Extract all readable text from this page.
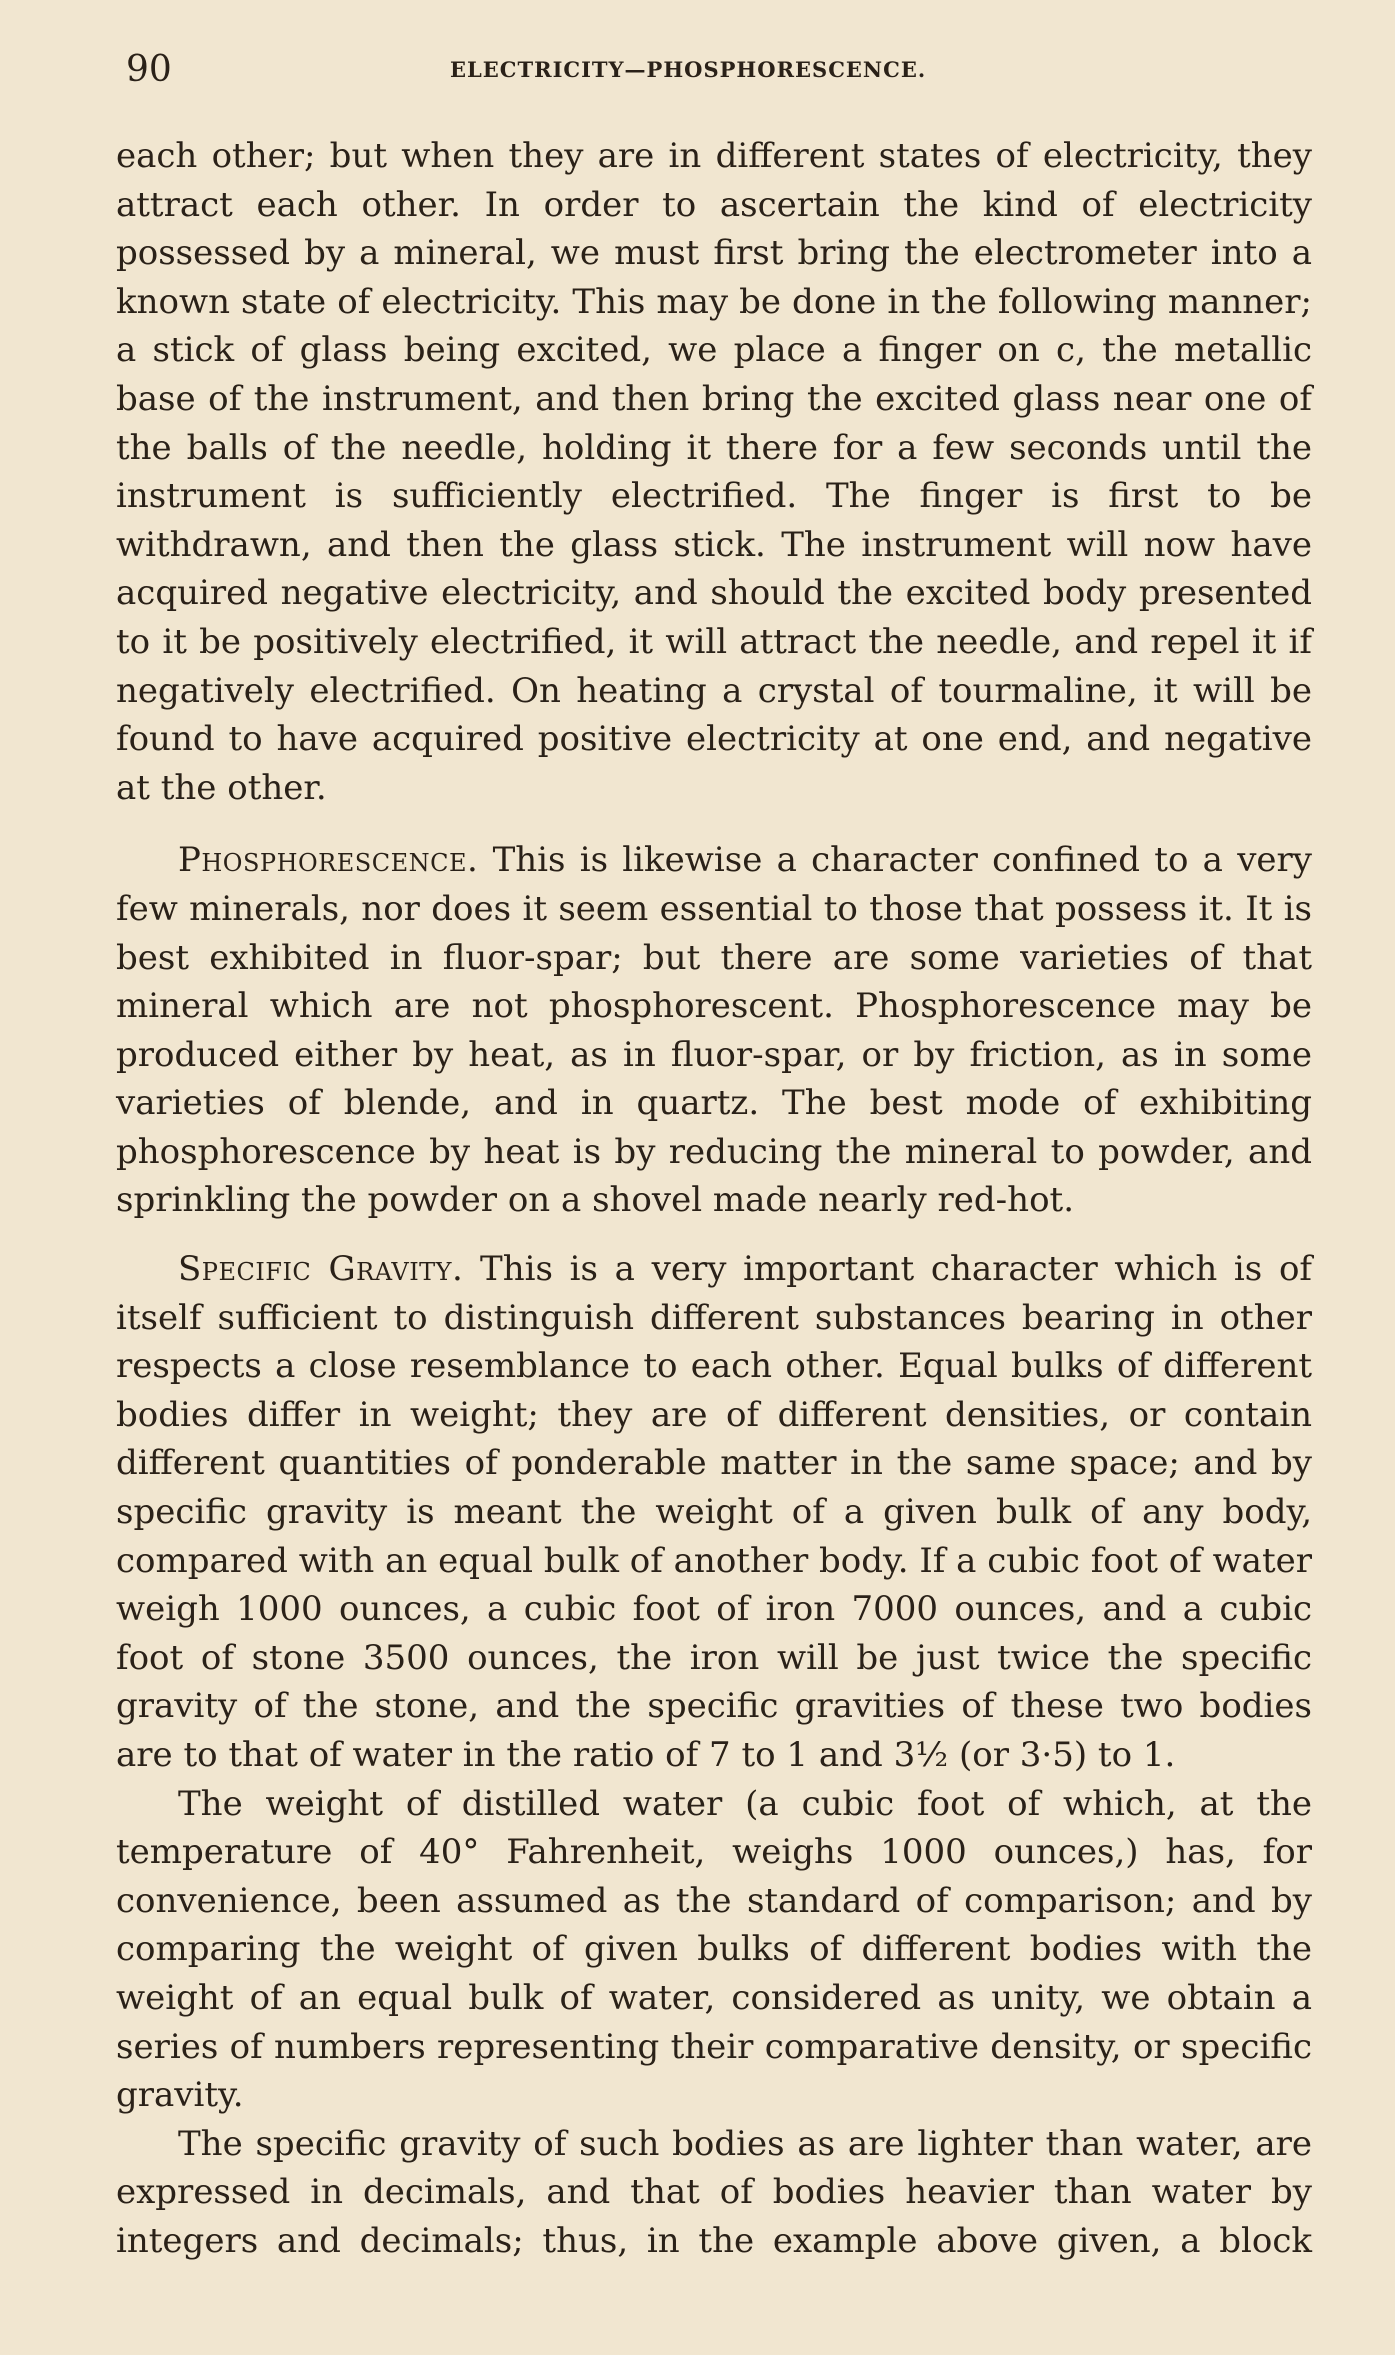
90	ELECTRICITY—PHOSPHORESCENCE.

each other; but when they are in different states of electricity, they attract each other. In order to ascertain the kind of electricity possessed by a mineral, we must first bring the electrometer into a known state of electricity. This may be done in the following manner; a stick of glass being excited, we place a finger on c, the metallic base of the instrument, and then bring the excited glass near one of the balls of the needle, holding it there for a few seconds until the instrument is sufficiently electrified. The finger is first to be withdrawn, and then the glass stick. The instrument will now have acquired negative electricity, and should the excited body presented to it be positively electrified, it will attract the needle, and repel it if negatively electrified. On heating a crystal of tourmaline, it will be found to have acquired positive electricity at one end, and negative at the other.

Phosphorescence. This is likewise a character confined to a very few minerals, nor does it seem essential to those that possess it. It is best exhibited in fluor-spar; but there are some varieties of that mineral which are not phosphorescent. Phosphorescence may be produced either by heat, as in fluor-spar, or by friction, as in some varieties of blende, and in quartz. The best mode of exhibiting phosphorescence by heat is by reducing the mineral to powder, and sprinkling the powder on a shovel made nearly red-hot.

Specific Gravity. This is a very important character which is of itself sufficient to distinguish different substances bearing in other respects a close resemblance to each other. Equal bulks of different bodies differ in weight; they are of different densities, or contain different quantities of ponderable matter in the same space; and by specific gravity is meant the weight of a given bulk of any body, compared with an equal bulk of another body. If a cubic foot of water weigh 1000 ounces, a cubic foot of iron 7000 ounces, and a cubic foot of stone 3500 ounces, the iron will be just twice the specific gravity of the stone, and the specific gravities of these two bodies are to that of water in the ratio of 7 to 1 and 3½ (or 3·5) to 1.

The weight of distilled water (a cubic foot of which, at the temperature of 40° Fahrenheit, weighs 1000 ounces,) has, for convenience, been assumed as the standard of comparison; and by comparing the weight of given bulks of different bodies with the weight of an equal bulk of water, considered as unity, we obtain a series of numbers representing their comparative density, or specific gravity.

The specific gravity of such bodies as are lighter than water, are expressed in decimals, and that of bodies heavier than water by integers and decimals; thus, in the example above given, a block
